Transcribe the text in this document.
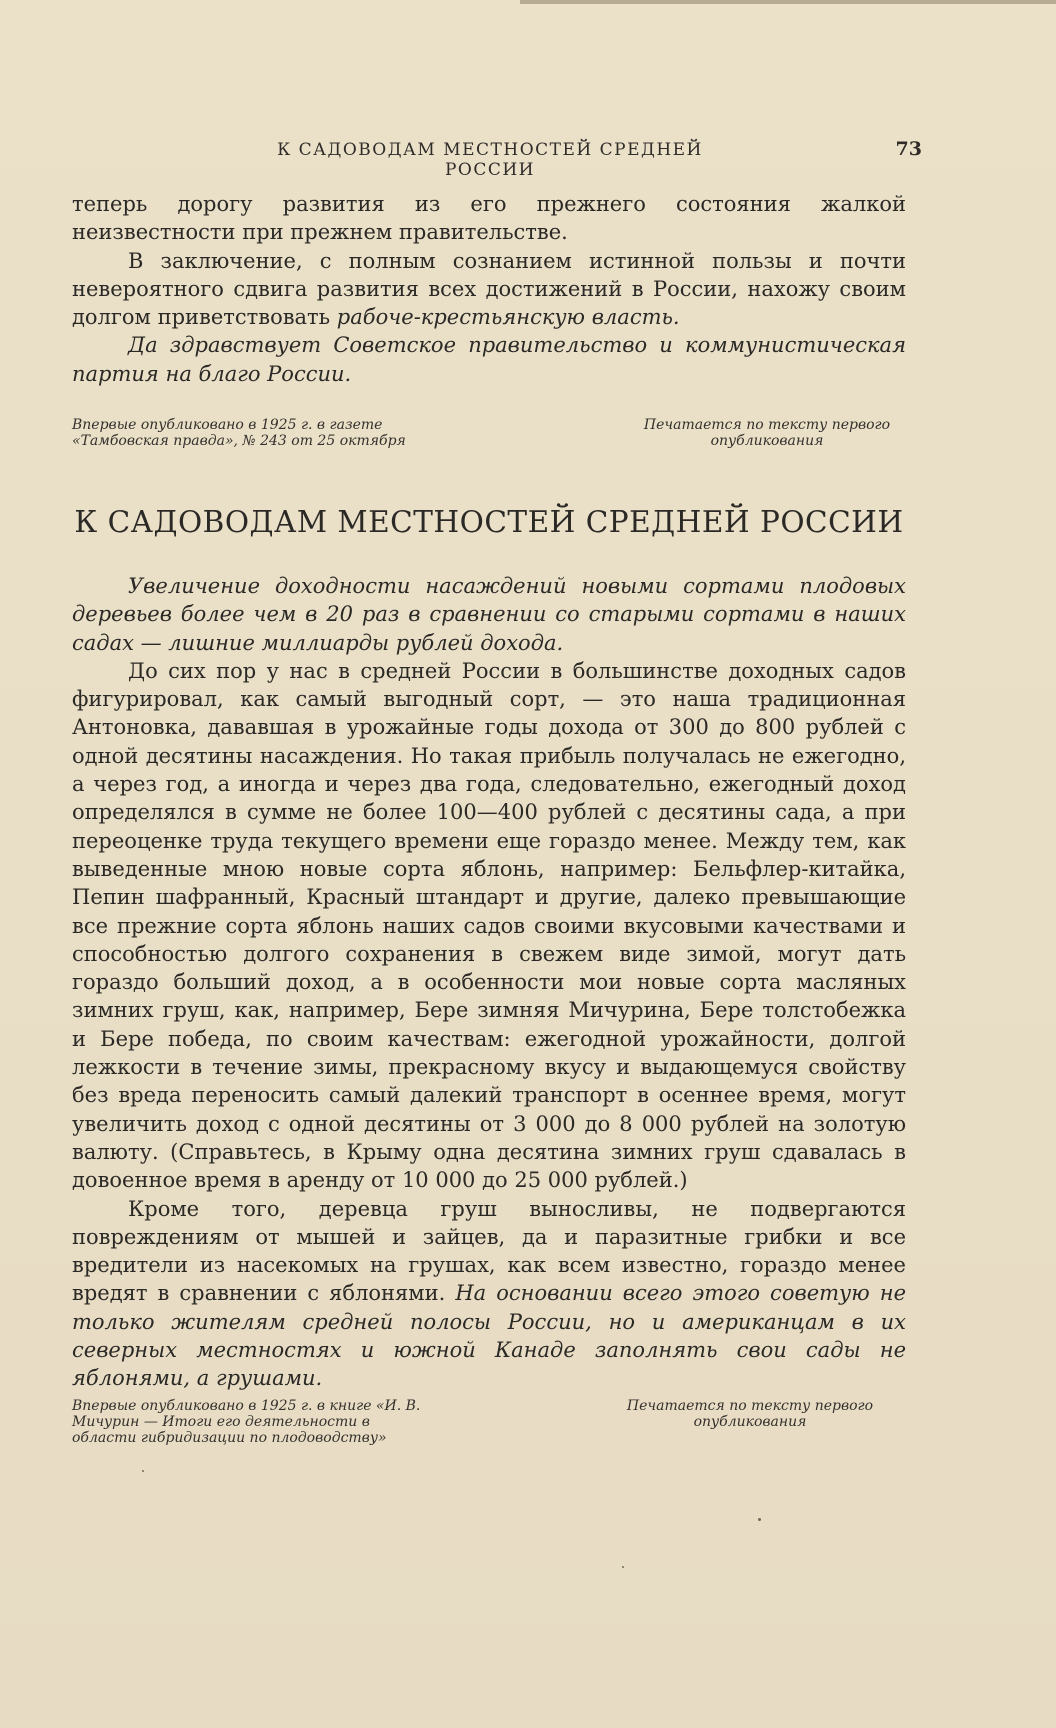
К САДОВОДАМ МЕСТНОСТЕЙ СРЕДНЕЙ РОССИИ
73

теперь дорогу развития из его прежнего состояния жалкой неизвестности при прежнем правительстве.

В заключение, с полным сознанием истинной пользы и почти невероятного сдвига развития всех достижений в России, нахожу своим долгом приветствовать рабоче-крестьянскую власть.

Да здравствует Советское правительство и коммунистическая партия на благо России.

Впервые опубликовано в 1925 г. в газете «Тамбовская правда», № 243 от 25 октября
Печатается по тексту первого опубликования
К САДОВОДАМ МЕСТНОСТЕЙ СРЕДНЕЙ РОССИИ

Увеличение доходности насаждений новыми сортами плодовых деревьев более чем в 20 раз в сравнении со старыми сортами в наших садах — лишние миллиарды рублей дохода.

До сих пор у нас в средней России в большинстве доходных садов фигурировал, как самый выгодный сорт, — это наша традиционная Антоновка, дававшая в урожайные годы дохода от 300 до 800 рублей с одной десятины насаждения. Но такая прибыль получалась не ежегодно, а через год, а иногда и через два года, следовательно, ежегодный доход определялся в сумме не более 100—400 рублей с десятины сада, а при переоценке труда текущего времени еще гораздо менее. Между тем, как выведенные мною новые сорта яблонь, например: Бельфлер-китайка, Пепин шафранный, Красный штандарт и другие, далеко превышающие все прежние сорта яблонь наших садов своими вкусовыми качествами и способностью долгого сохранения в свежем виде зимой, могут дать гораздо больший доход, а в особенности мои новые сорта масляных зимних груш, как, например, Бере зимняя Мичурина, Бере толстобежка и Бере победа, по своим качествам: ежегодной урожайности, долгой лежкости в течение зимы, прекрасному вкусу и выдающемуся свойству без вреда переносить самый далекий транспорт в осеннее время, могут увеличить доход с одной десятины от 3 000 до 8 000 рублей на золотую валюту. (Справьтесь, в Крыму одна десятина зимних груш сдавалась в довоенное время в аренду от 10 000 до 25 000 рублей.)

Кроме того, деревца груш выносливы, не подвергаются повреждениям от мышей и зайцев, да и паразитные грибки и все вредители из насекомых на грушах, как всем известно, гораздо менее вредят в сравнении с яблонями. На основании всего этого советую не только жителям средней полосы России, но и американцам в их северных местностях и южной Канаде заполнять свои сады не яблонями, а грушами.

Впервые опубликовано в 1925 г. в книге «И. В. Мичурин — Итоги его деятельности в области гибридизации по плодоводству»
Печатается по тексту первого опубликования
